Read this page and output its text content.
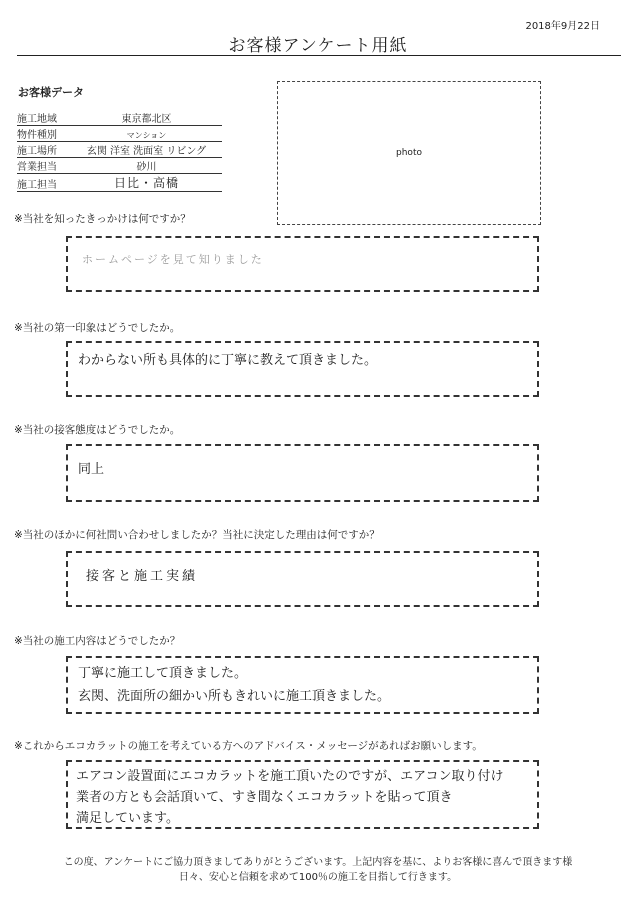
2018年9月22日
お客様アンケート用紙
お客様データ
施工地域	東京都北区
物件種別	マンション
施工場所	玄関 洋室 洗面室 リビング
営業担当	砂川
施工担当	日比・高橋
photo
※当社を知ったきっかけは何ですか？
ホームページを見て知りました
※当社の第一印象はどうでしたか。
わからない所も具体的に丁寧に教えて頂きました。
※当社の接客態度はどうでしたか。
同上
※当社のほかに何社問い合わせしましたか？当社に決定した理由は何ですか？
接客と施工実績
※当社の施工内容はどうでしたか？
丁寧に施工して頂きました。
玄関、洗面所の細かい所もきれいに施工頂きました。
※これからエコカラットの施工を考えている方へのアドバイス・メッセージがあればお願いします。
エアコン設置面にエコカラットを施工頂いたのですが、エアコン取り付け
業者の方とも会話頂いて、すき間なくエコカラットを貼って頂き
満足しています。
この度、アンケートにご協力頂きましてありがとうございます。上記内容を基に、よりお客様に喜んで頂きます様
日々、安心と信頼を求めて100％の施工を目指して行きます。
